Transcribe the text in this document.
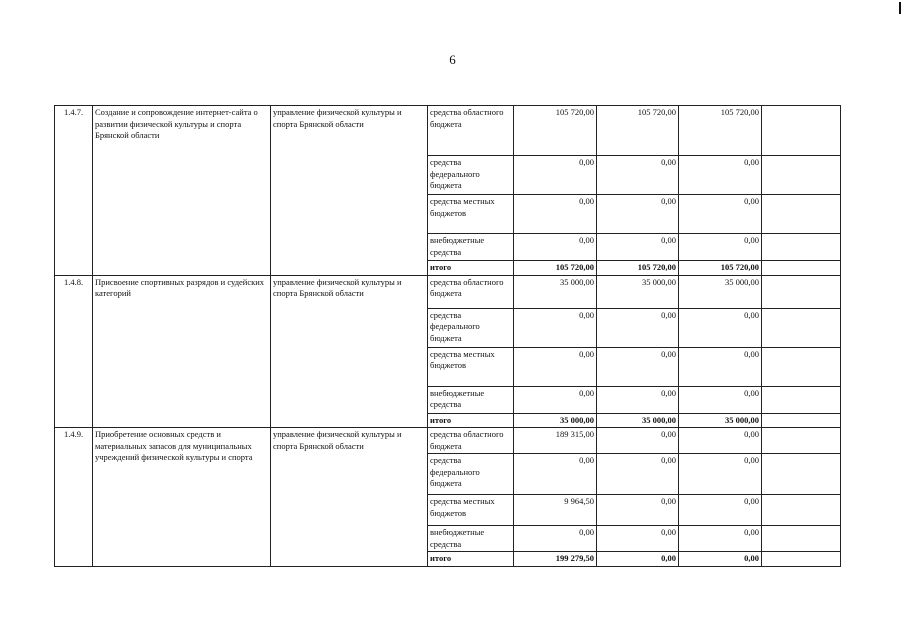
6
1.4.7.	Создание и сопровождение интернет-сайта о развитии физической культуры и спорта Брянской области	управление физической культуры и спорта Брянской области	средства областного бюджета	105 720,00	105 720,00	105 720,00	
			средства федерального бюджета	0,00	0,00	0,00	
			средства местных бюджетов	0,00	0,00	0,00	
			внебюджетные средства	0,00	0,00	0,00	
			итого	105 720,00	105 720,00	105 720,00	
1.4.8.	Присвоение спортивных разрядов и судейских категорий	управление физической культуры и спорта Брянской области	средства областного бюджета	35 000,00	35 000,00	35 000,00	
			средства федерального бюджета	0,00	0,00	0,00	
			средства местных бюджетов	0,00	0,00	0,00	
			внебюджетные средства	0,00	0,00	0,00	
			итого	35 000,00	35 000,00	35 000,00	
1.4.9.	Приобретение основных средств и материальных запасов для муниципальных учреждений физической культуры и спорта	управление физической культуры и спорта Брянской области	средства областного бюджета	189 315,00	0,00	0,00	
			средства федерального бюджета	0,00	0,00	0,00	
			средства местных бюджетов	9 964,50	0,00	0,00	
			внебюджетные средства	0,00	0,00	0,00	
			итого	199 279,50	0,00	0,00	
